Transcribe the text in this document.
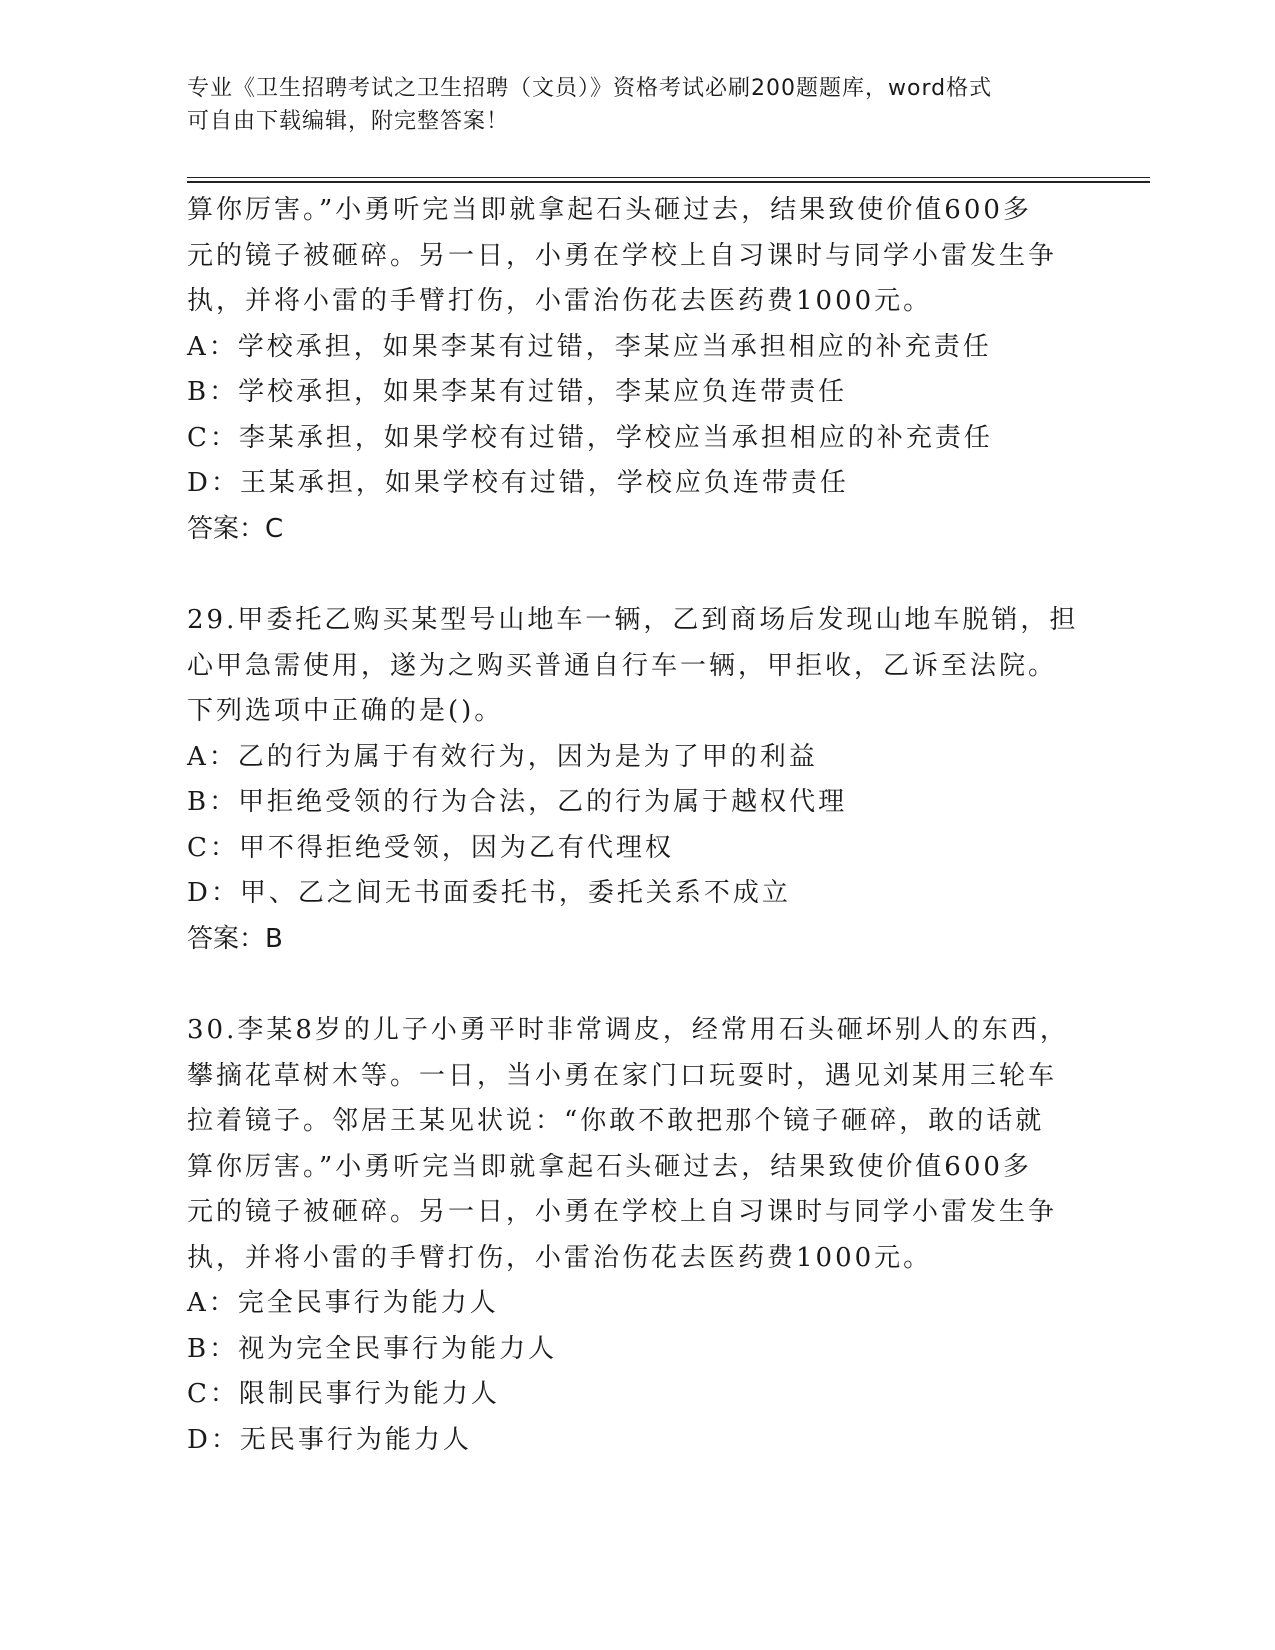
专业《卫生招聘考试之卫生招聘（文员）》资格考试必刷200题题库，word格式
可自由下载编辑，附完整答案！
算你厉害。”小勇听完当即就拿起石头砸过去，结果致使价值600多
元的镜子被砸碎。另一日，小勇在学校上自习课时与同学小雷发生争
执，并将小雷的手臂打伤，小雷治伤花去医药费1000元。
A：学校承担，如果李某有过错，李某应当承担相应的补充责任
B：学校承担，如果李某有过错，李某应负连带责任
C：李某承担，如果学校有过错，学校应当承担相应的补充责任
D：王某承担，如果学校有过错，学校应负连带责任
答案：C
29.甲委托乙购买某型号山地车一辆，乙到商场后发现山地车脱销，担
心甲急需使用，遂为之购买普通自行车一辆，甲拒收，乙诉至法院。
下列选项中正确的是()。
A：乙的行为属于有效行为，因为是为了甲的利益
B：甲拒绝受领的行为合法，乙的行为属于越权代理
C：甲不得拒绝受领，因为乙有代理权
D：甲、乙之间无书面委托书，委托关系不成立
答案：B
30.李某8岁的儿子小勇平时非常调皮，经常用石头砸坏别人的东西，
攀摘花草树木等。一日，当小勇在家门口玩耍时，遇见刘某用三轮车
拉着镜子。邻居王某见状说：“你敢不敢把那个镜子砸碎，敢的话就
算你厉害。”小勇听完当即就拿起石头砸过去，结果致使价值600多
元的镜子被砸碎。另一日，小勇在学校上自习课时与同学小雷发生争
执，并将小雷的手臂打伤，小雷治伤花去医药费1000元。
A：完全民事行为能力人
B：视为完全民事行为能力人
C：限制民事行为能力人
D：无民事行为能力人
